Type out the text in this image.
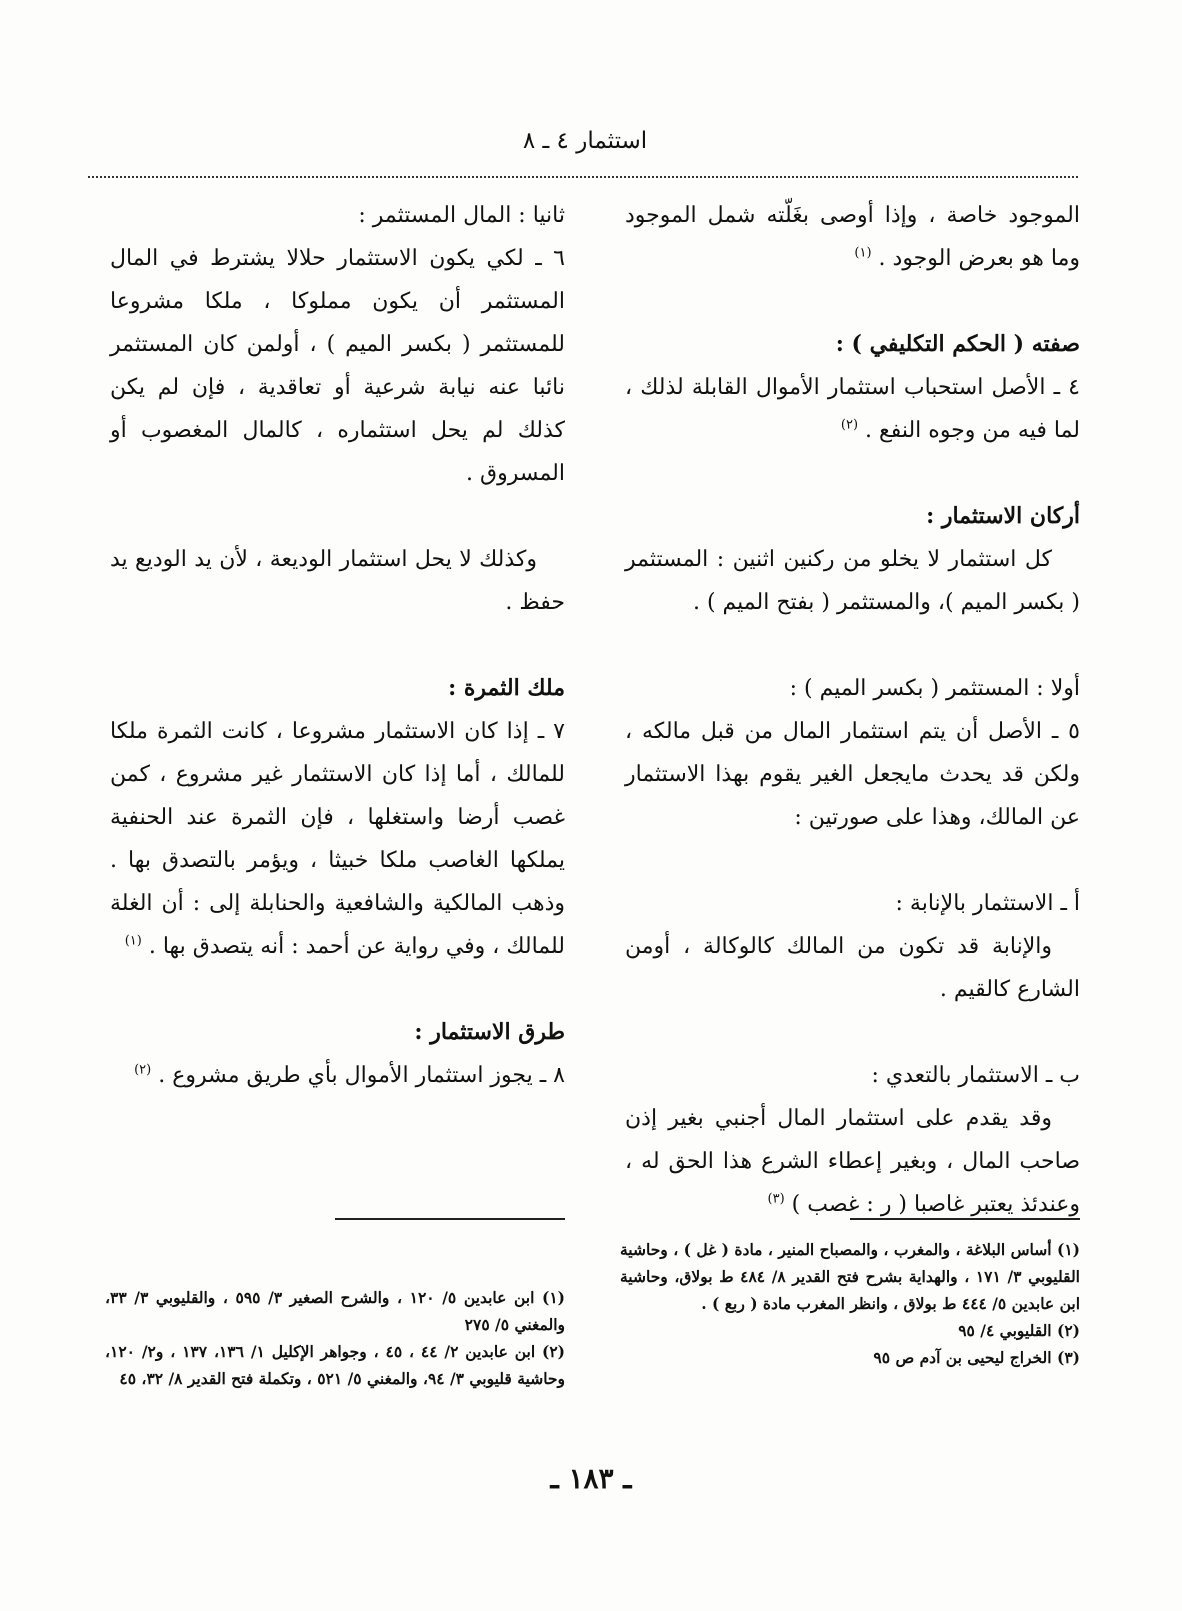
استثمار ٤ ـ ٨

الموجود خاصة ، وإذا أوصى بغَلّته شمل الموجود وما هو بعرض الوجود . $^{(١)}$

صفته ( الحكم التكليفي ) :

٤ ـ الأصل استحباب استثمار الأموال القابلة لذلك ، لما فيه من وجوه النفع . $^{(٢)}$

أركان الاستثمار :

كل استثمار لا يخلو من ركنين اثنين : المستثمر ( بكسر الميم )، والمستثمر ( بفتح الميم ) .

أولا : المستثمر ( بكسر الميم ) :

٥ ـ الأصل أن يتم استثمار المال من قبل مالكه ، ولكن قد يحدث مايجعل الغير يقوم بهذا الاستثمار عن المالك، وهذا على صورتين :

أ ـ الاستثمار بالإنابة :

والإنابة قد تكون من المالك كالوكالة ، أومن الشارع كالقيم .

ب ـ الاستثمار بالتعدي :

وقد يقدم على استثمار المال أجنبي بغير إذن صاحب المال ، وبغير إعطاء الشرع هذا الحق له ، وعندئذ يعتبر غاصبا ( ر : غصب ) $^{(٣)}$

ثانيا : المال المستثمر :

٦ ـ لكي يكون الاستثمار حلالا يشترط في المال المستثمر أن يكون مملوكا ، ملكا مشروعا للمستثمر ( بكسر الميم ) ، أولمن كان المستثمر نائبا عنه نيابة شرعية أو تعاقدية ، فإن لم يكن كذلك لم يحل استثماره ، كالمال المغصوب أو المسروق .

وكذلك لا يحل استثمار الوديعة ، لأن يد الوديع يد حفظ .

ملك الثمرة :

٧ ـ إذا كان الاستثمار مشروعا ، كانت الثمرة ملكا للمالك ، أما إذا كان الاستثمار غير مشروع ، كمن غصب أرضا واستغلها ، فإن الثمرة عند الحنفية يملكها الغاصب ملكا خبيثا ، ويؤمر بالتصدق بها . وذهب المالكية والشافعية والحنابلة إلى : أن الغلة للمالك ، وفي رواية عن أحمد : أنه يتصدق بها . $^{(١)}$

طرق الاستثمار :

٨ ـ يجوز استثمار الأموال بأي طريق مشروع . $^{(٢)}$

(١) أساس البلاغة ، والمغرب ، والمصباح المنير ، مادة ( غل ) ، وحاشية القليوبي ٣/ ١٧١ ، والهداية بشرح فتح القدير ٨/ ٤٨٤ ط بولاق، وحاشية ابن عابدين ٥/ ٤٤٤ ط بولاق ، وانظر المغرب مادة ( ربع ) .

(٢) القليوبي ٤/ ٩٥

(٣) الخراج ليحيى بن آدم ص ٩٥

(١) ابن عابدين ٥/ ١٢٠ ، والشرح الصغير ٣/ ٥٩٥ ، والقليوبي ٣/ ٣٣، والمغني ٥/ ٢٧٥

(٢) ابن عابدين ٢/ ٤٤ ، ٤٥ ، وجواهر الإكليل ١/ ١٣٦، ١٣٧ ، و٢/ ١٢٠، وحاشية قليوبي ٣/ ٩٤، والمغني ٥/ ٥٢١ ، وتكملة فتح القدير ٨/ ٣٢، ٤٥

ـ ١٨٣ ـ
